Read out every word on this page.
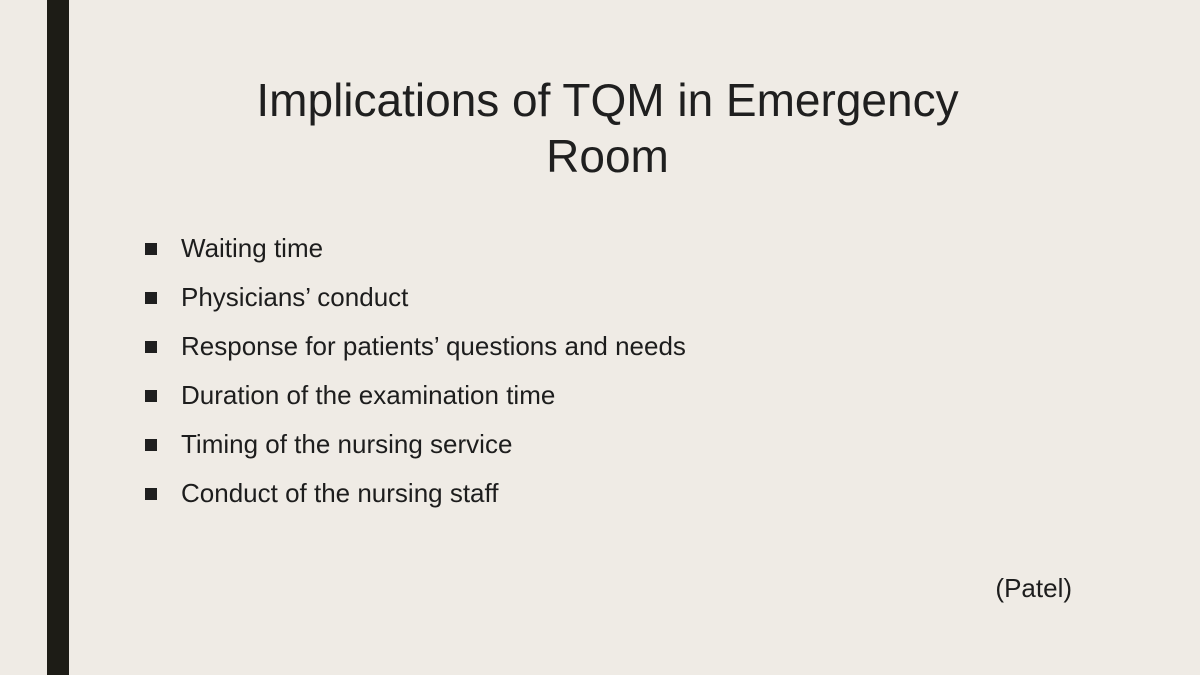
Implications of TQM in Emergency
Room
Waiting time
Physicians’ conduct
Response for patients’ questions and needs
Duration of the examination time
Timing of the nursing service
Conduct of the nursing staff
(Patel)
